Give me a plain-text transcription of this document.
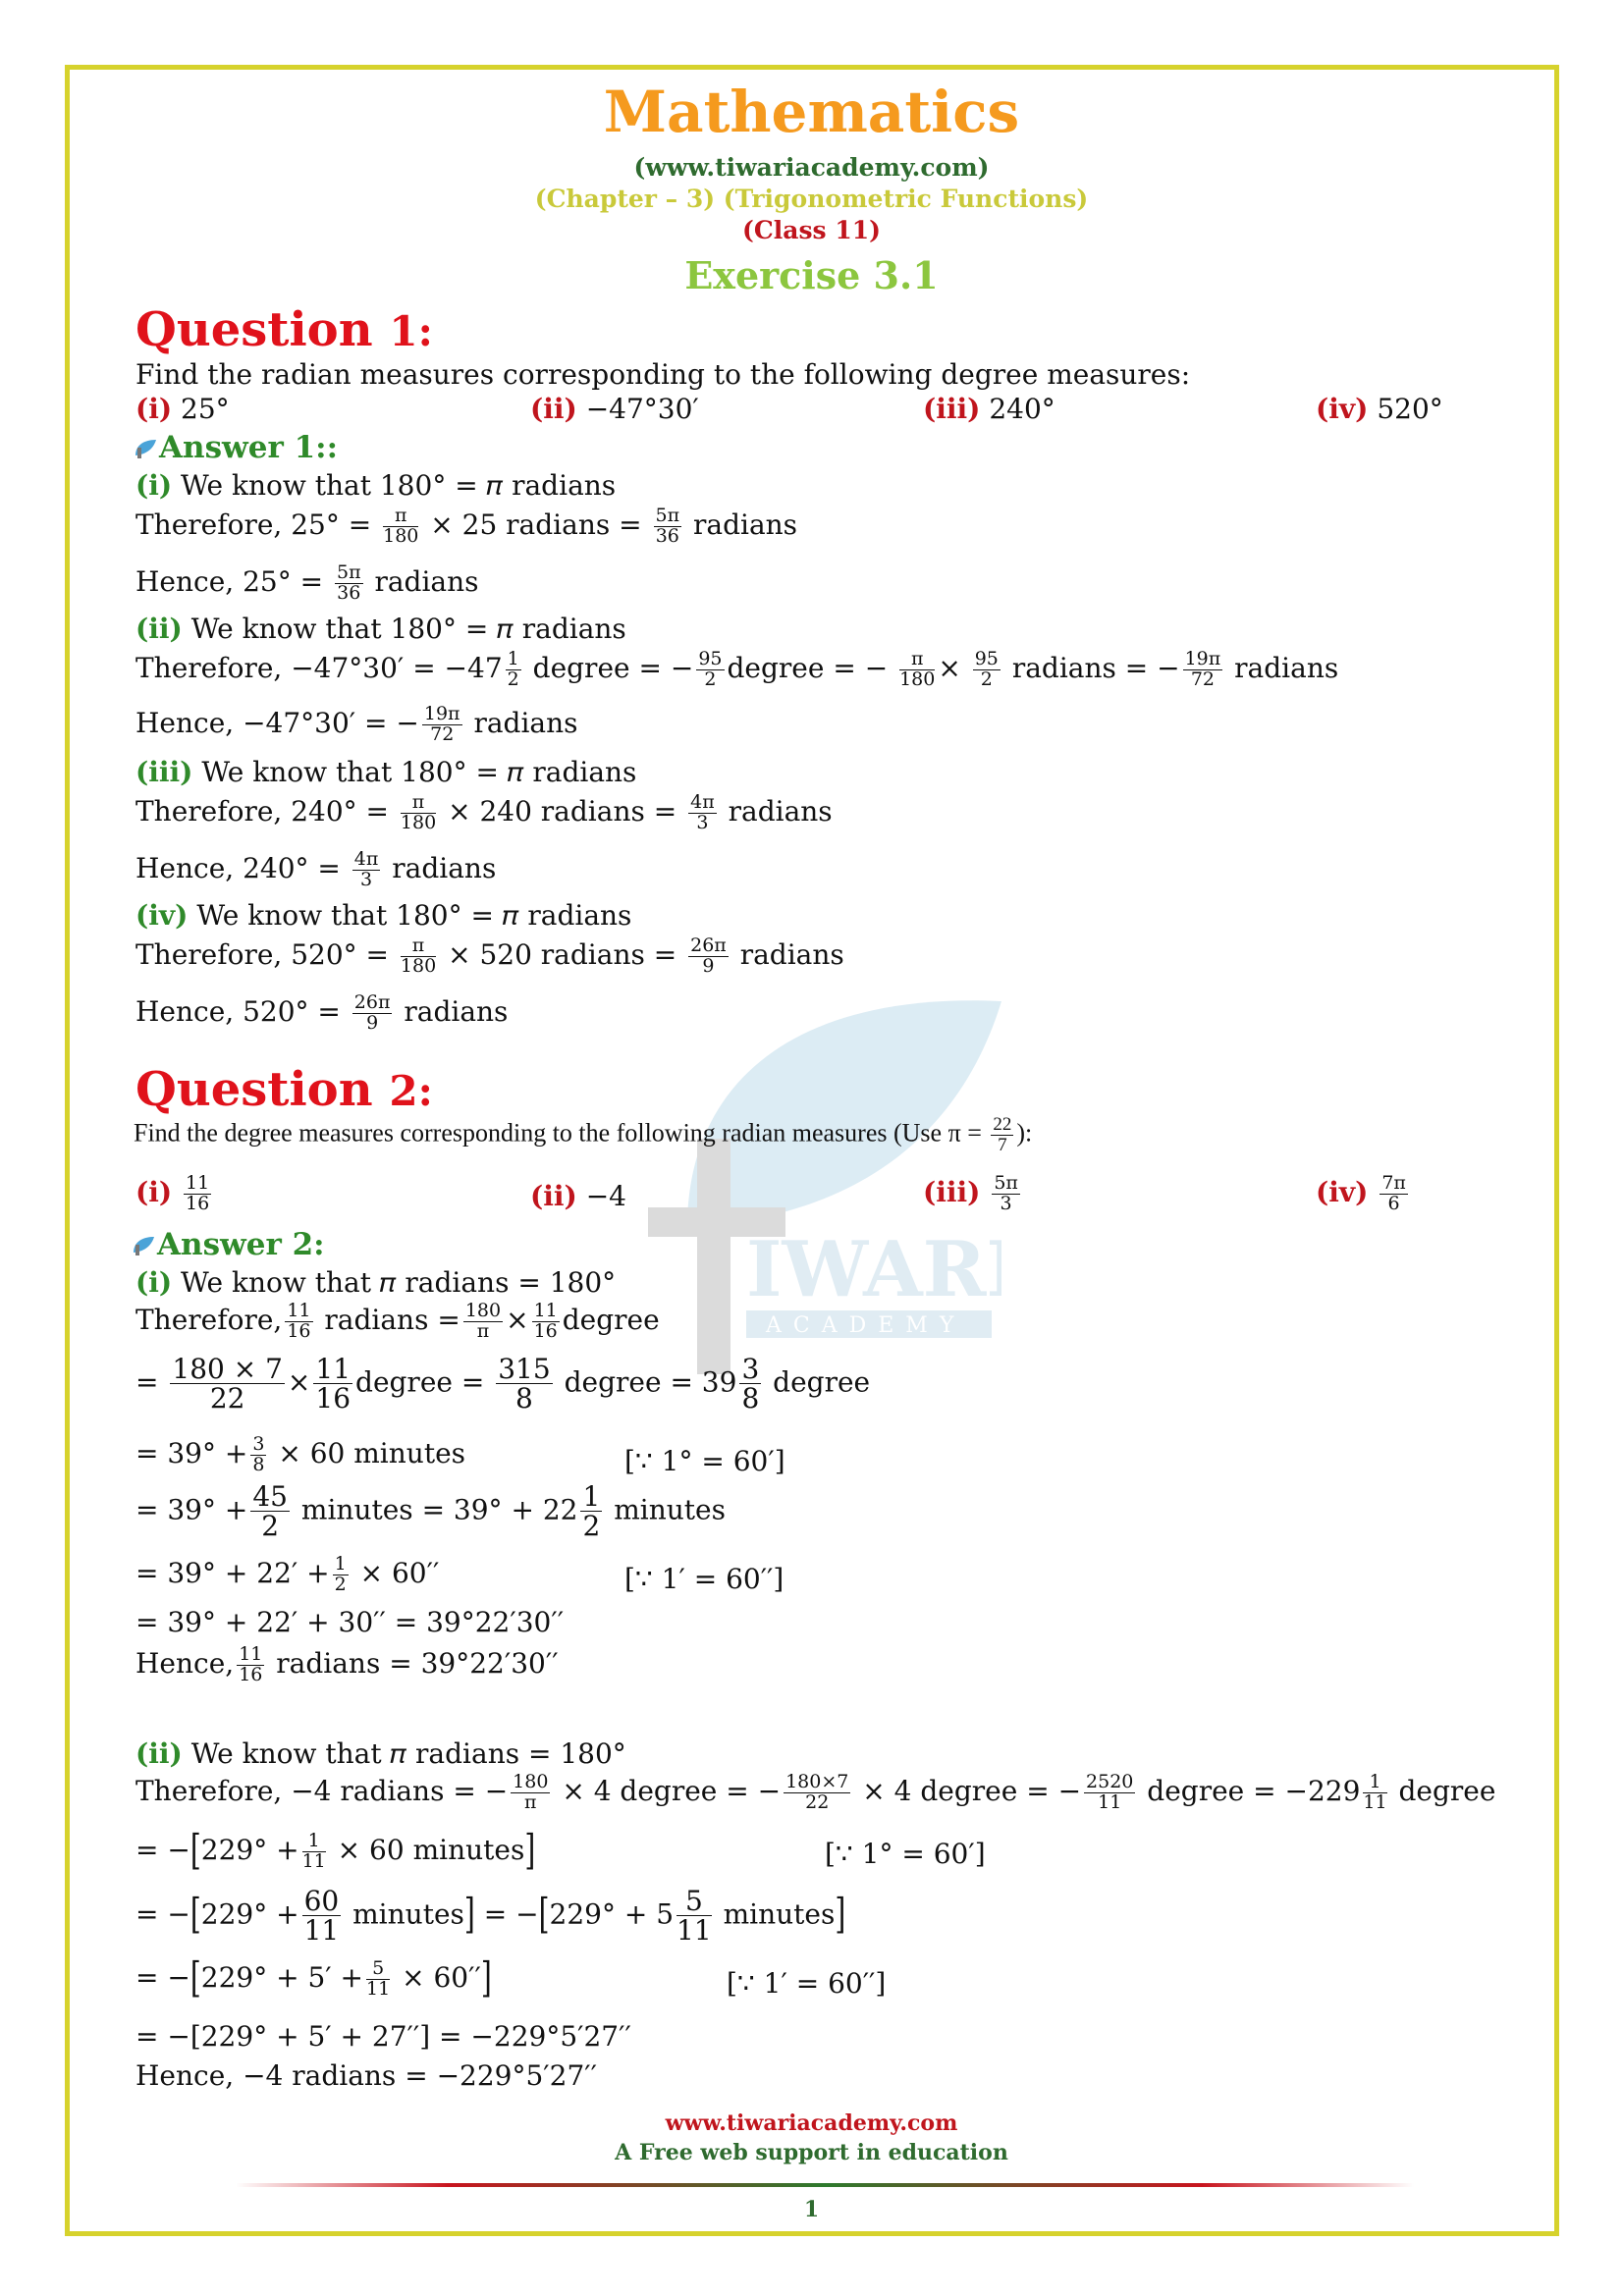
IWARI
ACADEMY
Mathematics
(www.tiwariacademy.com)
(Chapter – 3) (Trigonometric Functions)
(Class 11)
Exercise 3.1
Question 1:
Find the radian measures corresponding to the following degree measures:
(i) 25°	(ii) −47°30′	(iii) 240°	(iv) 520°
Answer 1::
(i) We know that 180° = 𝜋 radians
Therefore, $25^\circ = \frac{\pi}{180} \times 25$ radians = $\frac{5\pi}{36}$ radians
Hence, $25^\circ = \frac{5\pi}{36}$ radians
(ii) We know that 180° = 𝜋 radians
Therefore, $-47^\circ 30' = -47 \frac{1}{2}$ degree = − $\frac{95}{2}$ degree = − $\frac{\pi}{180} \times \frac{95}{2}$ radians = − $\frac{19\pi}{72}$ radians
Hence, −47°30′ = − $\frac{19\pi}{72}$ radians
(iii) We know that 180° = 𝜋 radians
Therefore, $240^\circ = \frac{\pi}{180} \times 240$ radians = $\frac{4\pi}{3}$ radians
Hence, $240^\circ = \frac{4\pi}{3}$ radians
(iv) We know that 180° = 𝜋 radians
Therefore, $520^\circ = \frac{\pi}{180} \times 520$ radians = $\frac{26\pi}{9}$ radians
Hence, $520^\circ = \frac{26\pi}{9}$ radians
Question 2:
Find the degree measures corresponding to the following radian measures (Use $\pi = \frac{22}{7}$ ):
$(i) \frac{11}{16}$	(ii) −4	$(iii) \frac{5\pi}{3}$	$(iv) \frac{7\pi}{6}$
Answer 2:
(i) We know that 𝜋 radians = 180°
Therefore, $\frac{11}{16}$ radians = $\frac{180}{\pi} \times \frac{11}{16}$ degree
= $\frac{180 \times 7}{22} \times \frac{11}{16}$ degree = $\frac{315}{8}$ degree = $39 \frac{3}{8}$ degree
= $39^\circ + \frac{3}{8} \times 60$ minutes	[∵ 1° = 60′]
= $39^\circ + \frac{45}{2}$ minutes = $39^\circ + 22 \frac{1}{2}$ minutes
= $39^\circ + 22' + \frac{1}{2} \times 60''$	[∵ 1′ = 60′′]
= 39° + 22′ + 30′′ = 39°22′30′′
Hence, $\frac{11}{16}$ radians = 39°22′30′′
(ii) We know that 𝜋 radians = 180°
Therefore, −4 radians = − $\frac{180}{\pi} \times 4$ degree = − $\frac{180\times 7}{22} \times 4$ degree = − $\frac{2520}{11}$ degree = $-229 \frac{1}{11}$ degree
= $-[229^\circ + \frac{1}{11} \times 60$ minutes]	[∵ 1° = 60′]
= $-[229^\circ + \frac{60}{11}$ minutes] = $-[229^\circ + 5 \frac{5}{11}$ minutes]
= $-[229^\circ + 5' + \frac{5}{11} \times 60'']$	[∵ 1′ = 60′′]
= −[229° + 5′ + 27′′] = −229°5′27′′
Hence, −4 radians = −229°5′27′′
www.tiwariacademy.com
A Free web support in education
1
